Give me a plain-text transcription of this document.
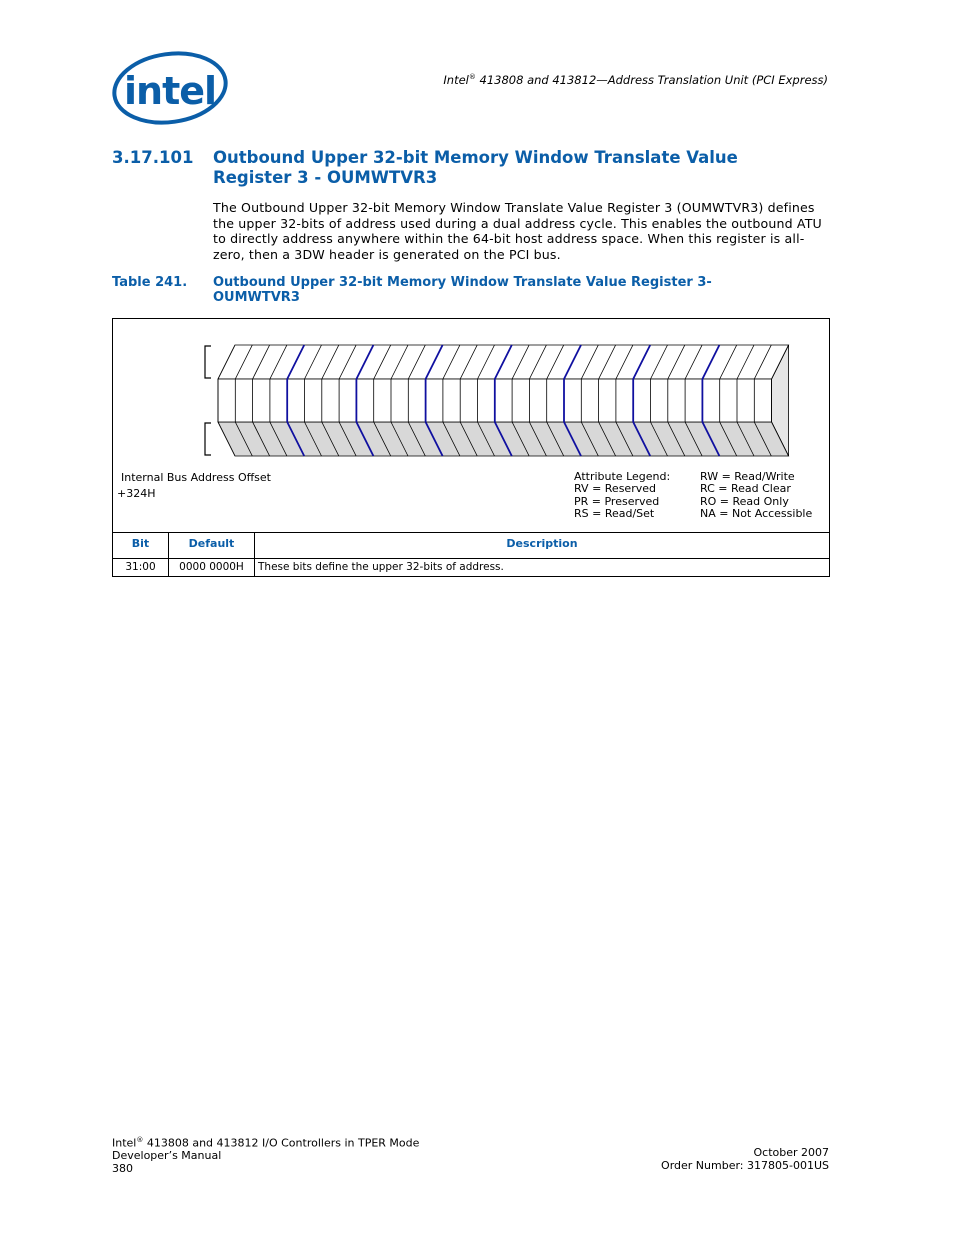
intel	Intel® 413808 and 413812—Address Translation Unit (PCI Express)
3.17.101 Outbound Upper 32-bit Memory Window Translate Value Register 3 - OUMWTVR3
The Outbound Upper 32-bit Memory Window Translate Value Register 3 (OUMWTVR3) defines the upper 32-bits of address used during a dual address cycle. This enables the outbound ATU to directly address anywhere within the 64-bit host address space. When this register is all-zero, then a 3DW header is generated on the PCI bus.
Table 241. Outbound Upper 32-bit Memory Window Translate Value Register 3- OUMWTVR3
Internal Bus Address Offset
+324H
Attribute Legend:
RV = Reserved
PR = Preserved
RS = Read/Set
RW = Read/Write
RC = Read Clear
RO = Read Only
NA = Not Accessible
Bit	Default	Description
31:00	0000 0000H	These bits define the upper 32-bits of address.
Intel® 413808 and 413812 I/O Controllers in TPER Mode
Developer’s Manual
380
October 2007
Order Number: 317805-001US
